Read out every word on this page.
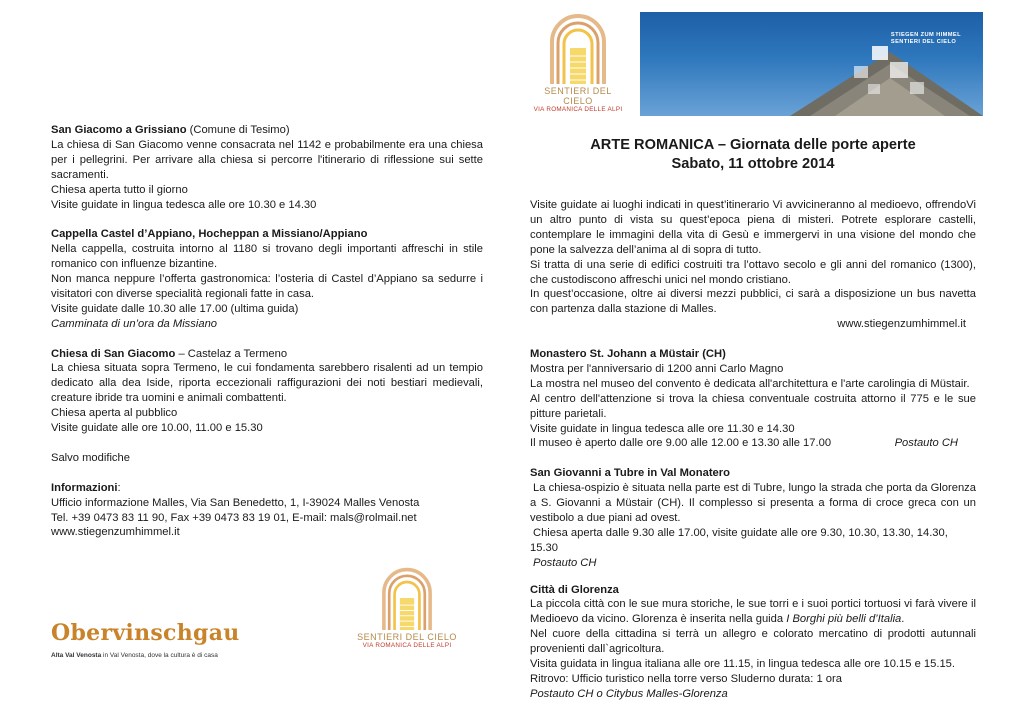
SENTIERI DEL CIELO
VIA ROMANICA DELLE ALPI
STIEGEN ZUM HIMMEL
SENTIERI DEL CIELO
ARTE ROMANICA – Giornata delle porte aperte
Sabato, 11 ottobre 2014

San Giacomo a Grissiano (Comune di Tesimo)

La chiesa di San Giacomo venne consacrata nel 1142 e probabilmente era una chiesa per i pellegrini. Per arrivare alla chiesa si percorre l'itinerario di riflessione sui sette sacramenti.

Chiesa aperta tutto il giorno

Visite guidate in lingua tedesca alle ore 10.30 e 14.30

Cappella Castel d’Appiano, Hocheppan a Missiano/Appiano

Nella cappella, costruita intorno al 1180 si trovano degli importanti affreschi in stile romanico con influenze bizantine.

Non manca neppure l’offerta gastronomica: l’osteria di Castel d’Appiano sa sedurre i visitatori con diverse specialità regionali fatte in casa.

Visite guidate dalle 10.30 alle 17.00 (ultima guida)

Camminata di un’ora da Missiano

Chiesa di San Giacomo – Castelaz a Termeno

La chiesa situata sopra Termeno, le cui fondamenta sarebbero risalenti ad un tempio dedicato alla dea Iside, riporta eccezionali raffigurazioni dei noti bestiari medievali, creature ibride tra uomini e animali combattenti.

Chiesa aperta al pubblico

Visite guidate alle ore 10.00, 11.00 e 15.30

Salvo modifiche

Informazioni:

Ufficio informazione Malles, Via San Benedetto, 1, I-39024 Malles Venosta

Tel. +39 0473 83 11 90, Fax +39 0473 83 19 01, E-mail: mals@rolmail.net

www.stiegenzumhimmel.it

Visite guidate ai luoghi indicati in quest’itinerario Vi avvicineranno al medioevo, offrendoVi un altro punto di vista su quest’epoca piena di misteri. Potrete esplorare castelli, contemplare le immagini della vita di Gesù e immergervi in una visione del mondo che pone la salvezza dell’anima al di sopra di tutto.

Si tratta di una serie di edifici costruiti tra l’ottavo secolo e gli anni del romanico (1300), che custodiscono affreschi unici nel mondo cristiano.

In quest’occasione, oltre ai diversi mezzi pubblici, ci sarà a disposizione un bus navetta con partenza dalla stazione di Malles.

www.stiegenzumhimmel.it

Monastero St. Johann a Müstair (CH)

Mostra per l'anniversario di 1200 anni Carlo Magno

La mostra nel museo del convento è dedicata all'architettura e l'arte carolingia di Müstair.

Al centro dell'attenzione si trova la chiesa conventuale costruita attorno il 775 e le sue pitture parietali.

Visite guidate in lingua tedesca alle ore 11.30 e 14.30

Il museo è aperto dalle ore 9.00 alle 12.00 e 13.30 alle 17.00	Postauto CH

San Giovanni a Tubre in Val Monatero

La chiesa-ospizio è situata nella parte est di Tubre, lungo la strada che porta da Glorenza a S. Giovanni a Müstair (CH). Il complesso si presenta a forma di croce greca con un vestibolo a due piani ad ovest.

Chiesa aperta dalle 9.30 alle 17.00, visite guidate alle ore 9.30, 10.30, 13.30, 14.30, 15.30

Postauto CH

Città di Glorenza

La piccola città con le sue mura storiche, le sue torri e i suoi portici tortuosi vi farà vivere il Medioevo da vicino. Glorenza è inserita nella guida I Borghi più belli d’Italia.

Nel cuore della cittadina si terrà un allegro e colorato mercatino di prodotti autunnali provenienti dall`agricoltura.

Visita guidata in lingua italiana alle ore 11.15, in lingua tedesca alle ore 10.15 e 15.15.

Ritrovo: Ufficio turistico nella torre verso Sluderno durata: 1 ora

Postauto CH o Citybus Malles-Glorenza

Obervinschgau
Alta Val Venosta in Val Venosta, dove la cultura è di casa
SENTIERI DEL CIELO
VIA ROMANICA DELLE ALPI
